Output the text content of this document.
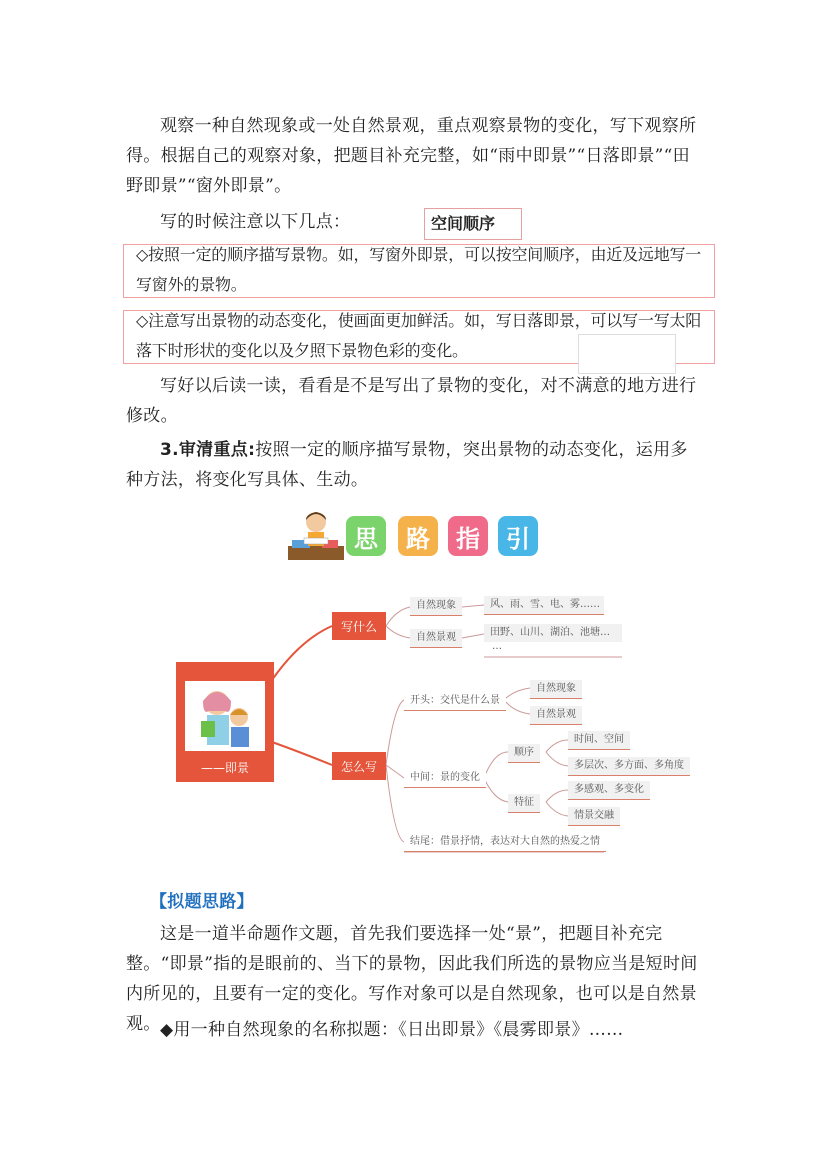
观察一种自然现象或一处自然景观，重点观察景物的变化，写下观察所得。根据自己的观察对象，把题目补充完整，如“雨中即景”“日落即景”“田野即景”“窗外即景”。
写的时候注意以下几点：	空间顺序
◇按照一定的顺序描写景物。如，写窗外即景，可以按空间顺序，由近及远地写一写窗外的景物。
◇注意写出景物的动态变化，使画面更加鲜活。如，写日落即景，可以写一写太阳落下时形状的变化以及夕照下景物色彩的变化。
写好以后读一读，看看是不是写出了景物的变化，对不满意的地方进行修改。
3.审清重点:按照一定的顺序描写景物，突出景物的动态变化，运用多种方法，将变化写具体、生动。
思	路	指	引
——即景
写什么
怎么写
自然现象
自然景观
风、雨、雪、电、雾……
田野、山川、湖泊、池塘…
…
开头：交代是什么景
自然现象
自然景观
中间：景的变化
顺序
特征
时间、空间
多层次、多方面、多角度
多感观、多变化
情景交融
结尾：借景抒情，表达对大自然的热爱之情
【拟题思路】
这是一道半命题作文题，首先我们要选择一处“景”，把题目补充完整。“即景”指的是眼前的、当下的景物，因此我们所选的景物应当是短时间内所见的，且要有一定的变化。写作对象可以是自然现象，也可以是自然景观。 ◆用一种自然现象的名称拟题：《日出即景》《晨雾即景》……
